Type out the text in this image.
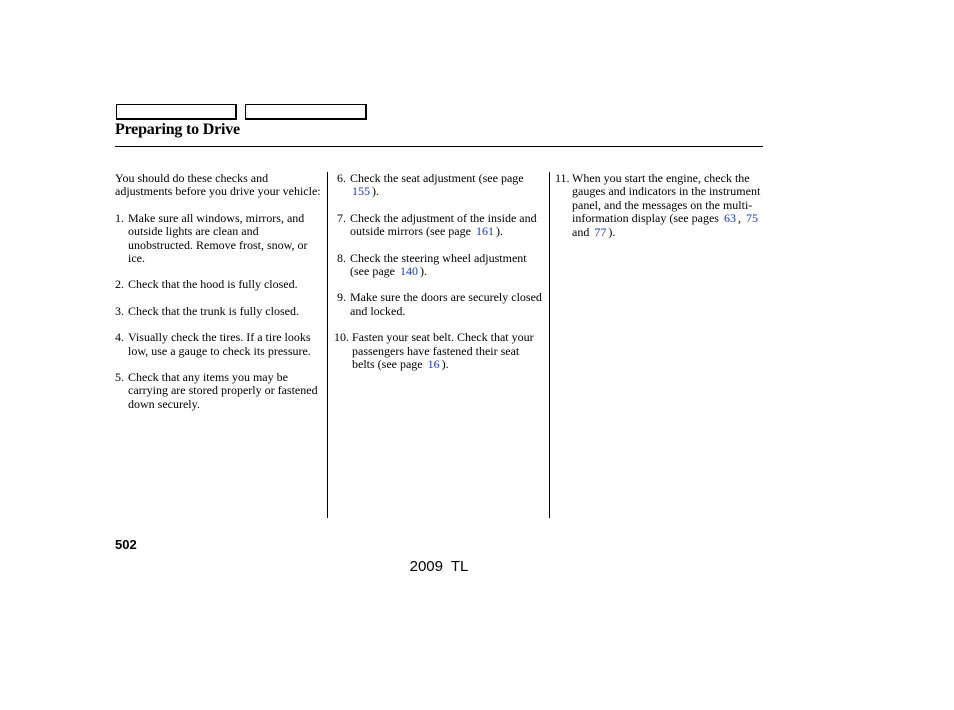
Preparing to Drive

You should do these checks and adjustments before you drive your vehicle:

1. Make sure all windows, mirrors, and outside lights are clean and unobstructed. Remove frost, snow, or ice.
2. Check that the hood is fully closed.
3. Check that the trunk is fully closed.
4. Visually check the tires. If a tire looks low, use a gauge to check its pressure.
5. Check that any items you may be carrying are stored properly or fastened down securely.
6. Check the seat adjustment (see page 155 ).
7. Check the adjustment of the inside and outside mirrors (see page 161 ).
8. Check the steering wheel adjustment (see page 140 ).
9. Make sure the doors are securely closed and locked.
10. Fasten your seat belt. Check that your passengers have fastened their seat belts (see page 16 ).
11. When you start the engine, check the gauges and indicators in the instrument panel, and the messages on the multi-information display (see pages 63 , 75 and 77 ).
502
2009 TL
